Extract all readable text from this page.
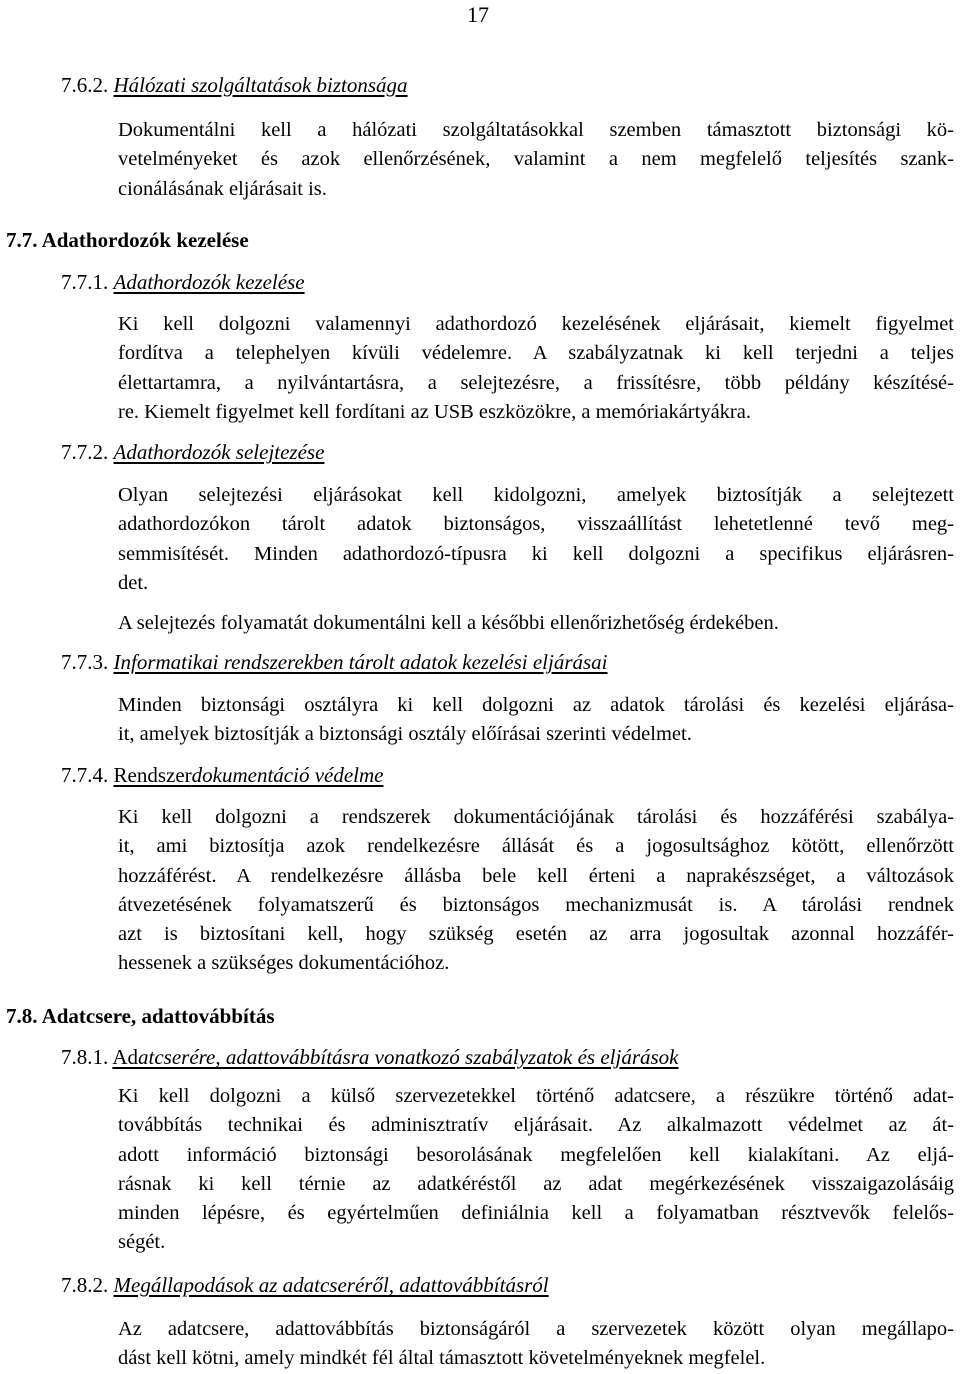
17
7.6.2. Hálózati szolgáltatások biztonsága
Dokumentálni kell a hálózati szolgáltatásokkal szemben támasztott biztonsági kö-
vetelményeket és azok ellenőrzésének, valamint a nem megfelelő teljesítés szank-
cionálásának eljárásait is.
7.7. Adathordozók kezelése
7.7.1. Adathordozók kezelése
Ki kell dolgozni valamennyi adathordozó kezelésének eljárásait, kiemelt figyelmet
fordítva a telephelyen kívüli védelemre. A szabályzatnak ki kell terjedni a teljes
élettartamra, a nyilvántartásra, a selejtezésre, a frissítésre, több példány készítésé-
re. Kiemelt figyelmet kell fordítani az USB eszközökre, a memóriakártyákra.
7.7.2. Adathordozók selejtezése
Olyan selejtezési eljárásokat kell kidolgozni, amelyek biztosítják a selejtezett
adathordozókon tárolt adatok biztonságos, visszaállítást lehetetlenné tevő meg-
semmisítését. Minden adathordozó-típusra ki kell dolgozni a specifikus eljárásren-
det.
A selejtezés folyamatát dokumentálni kell a későbbi ellenőrizhetőség érdekében.
7.7.3. Informatikai rendszerekben tárolt adatok kezelési eljárásai
Minden biztonsági osztályra ki kell dolgozni az adatok tárolási és kezelési eljárása-
it, amelyek biztosítják a biztonsági osztály előírásai szerinti védelmet.
7.7.4. Rendszerdokumentáció védelme
Ki kell dolgozni a rendszerek dokumentációjának tárolási és hozzáférési szabálya-
it, ami biztosítja azok rendelkezésre állását és a jogosultsághoz kötött, ellenőrzött
hozzáférést. A rendelkezésre állásba bele kell érteni a naprakészséget, a változások
átvezetésének folyamatszerű és biztonságos mechanizmusát is. A tárolási rendnek
azt is biztosítani kell, hogy szükség esetén az arra jogosultak azonnal hozzáfér-
hessenek a szükséges dokumentációhoz.
7.8. Adatcsere, adattovábbítás
7.8.1. Adatcserére, adattovábbításra vonatkozó szabályzatok és eljárások
Ki kell dolgozni a külső szervezetekkel történő adatcsere, a részükre történő adat-
továbbítás technikai és adminisztratív eljárásait. Az alkalmazott védelmet az át-
adott információ biztonsági besorolásának megfelelően kell kialakítani. Az eljá-
rásnak ki kell térnie az adatkéréstől az adat megérkezésének visszaigazolásáig
minden lépésre, és egyértelműen definiálnia kell a folyamatban résztvevők felelős-
ségét.
7.8.2. Megállapodások az adatcseréről, adattovábbításról
Az adatcsere, adattovábbítás biztonságáról a szervezetek között olyan megállapo-
dást kell kötni, amely mindkét fél által támasztott követelményeknek megfelel.
